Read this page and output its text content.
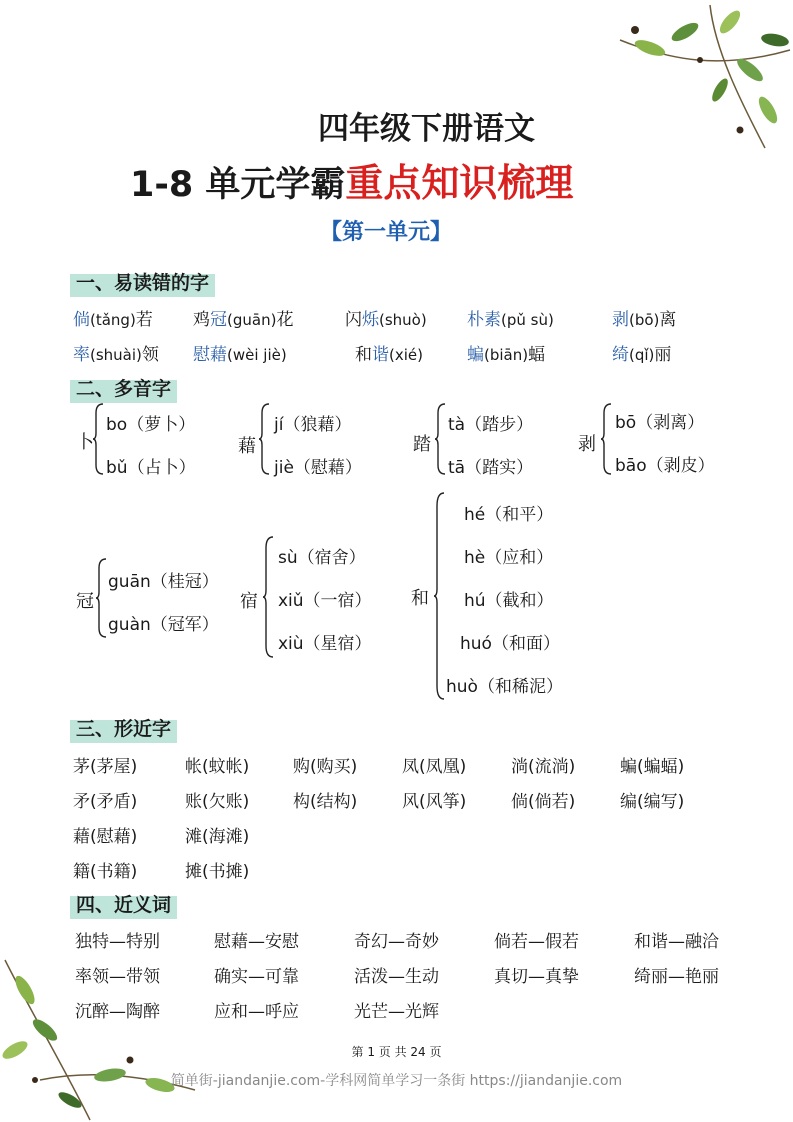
四年级下册语文
1-8 单元学霸重点知识梳理
【第一单元】
一、易读错的字
倘(tǎng)若 鸡冠(guān)花	闪烁(shuò) 朴素(pǔ sù)	剥(bō)离
率(shuài)领 慰藉(wèi jiè)	和谐(xié)	蝙(biān)蝠	绮(qǐ)丽
二、多音字
卜
bo（萝卜）
bǔ（占卜）
藉
jí（狼藉）
jiè（慰藉）
踏
tà（踏步）
tā（踏实）
剥
bō（剥离）
bāo（剥皮）
冠
guān（桂冠）
guàn（冠军）
宿
sù（宿舍）
xiǔ（一宿）
xiù（星宿）
和
hé（和平）
hè（应和）
hú（截和）
huó（和面）
huò（和稀泥）
三、形近字
茅(茅屋)	帐(蚊帐)	购(购买)	凤(凤凰)	淌(流淌)	蝙(蝙蝠)
矛(矛盾)	账(欠账)	构(结构)	风(风筝)	倘(倘若)	编(编写)
藉(慰藉)	滩(海滩)
籍(书籍)	摊(书摊)
四、近义词
独特—特别	慰藉—安慰	奇幻—奇妙	倘若—假若	和谐—融洽
率领—带领	确实—可靠	活泼—生动	真切—真挚	绮丽—艳丽
沉醉—陶醉	应和—呼应	光芒—光辉
第 1 页 共 24 页
简单街-jiandanjie.com-学科网简单学习一条街 https://jiandanjie.com
